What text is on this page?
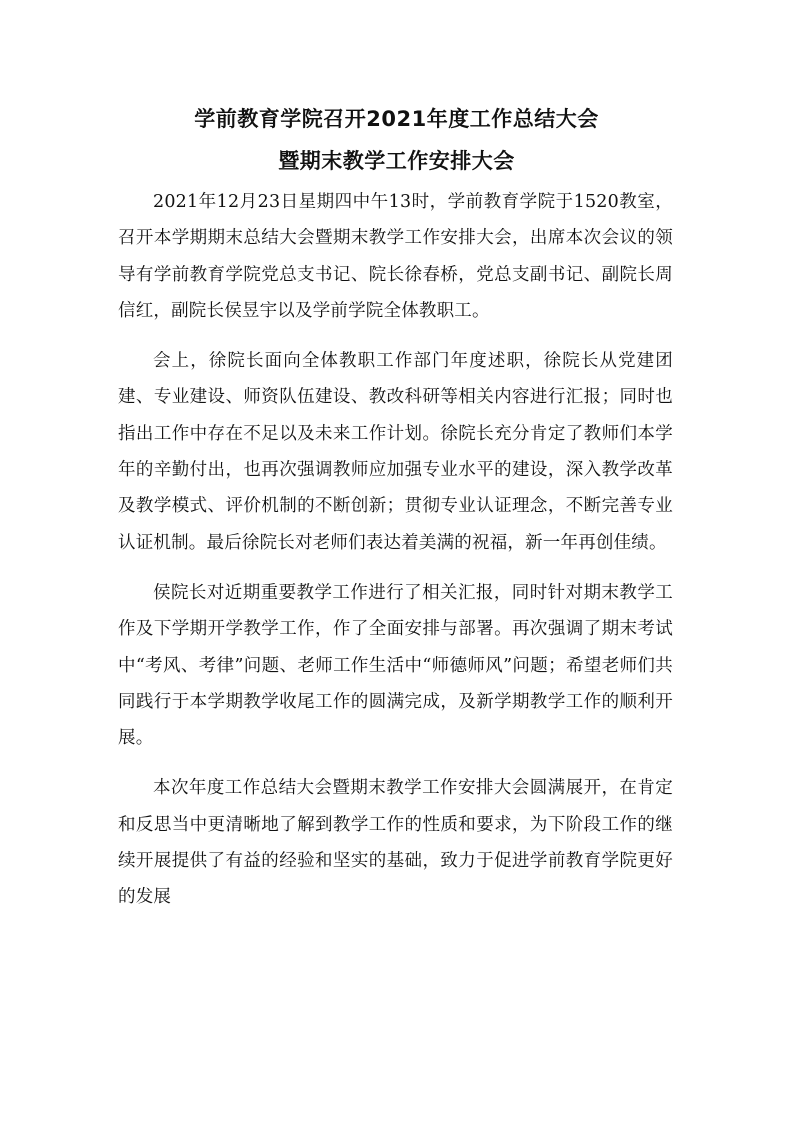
学前教育学院召开2021年度工作总结大会
暨期末教学工作安排大会

2021年12月23日星期四中午13时，学前教育学院于1520教室，召开本学期期末总结大会暨期末教学工作安排大会，出席本次会议的领导有学前教育学院党总支书记、院长徐春桥，党总支副书记、副院长周信红，副院长侯昱宇以及学前学院全体教职工。

会上，徐院长面向全体教职工作部门年度述职，徐院长从党建团建、专业建设、师资队伍建设、教改科研等相关内容进行汇报；同时也指出工作中存在不足以及未来工作计划。徐院长充分肯定了教师们本学年的辛勤付出，也再次强调教师应加强专业水平的建设，深入教学改革及教学模式、评价机制的不断创新；贯彻专业认证理念，不断完善专业认证机制。最后徐院长对老师们表达着美满的祝福，新一年再创佳绩。

侯院长对近期重要教学工作进行了相关汇报，同时针对期末教学工作及下学期开学教学工作，作了全面安排与部署。再次强调了期末考试中“考风、考律”问题、老师工作生活中“师德师风”问题；希望老师们共同践行于本学期教学收尾工作的圆满完成，及新学期教学工作的顺利开展。

本次年度工作总结大会暨期末教学工作安排大会圆满展开，在肯定和反思当中更清晰地了解到教学工作的性质和要求，为下阶段工作的继续开展提供了有益的经验和坚实的基础，致力于促进学前教育学院更好的发展
